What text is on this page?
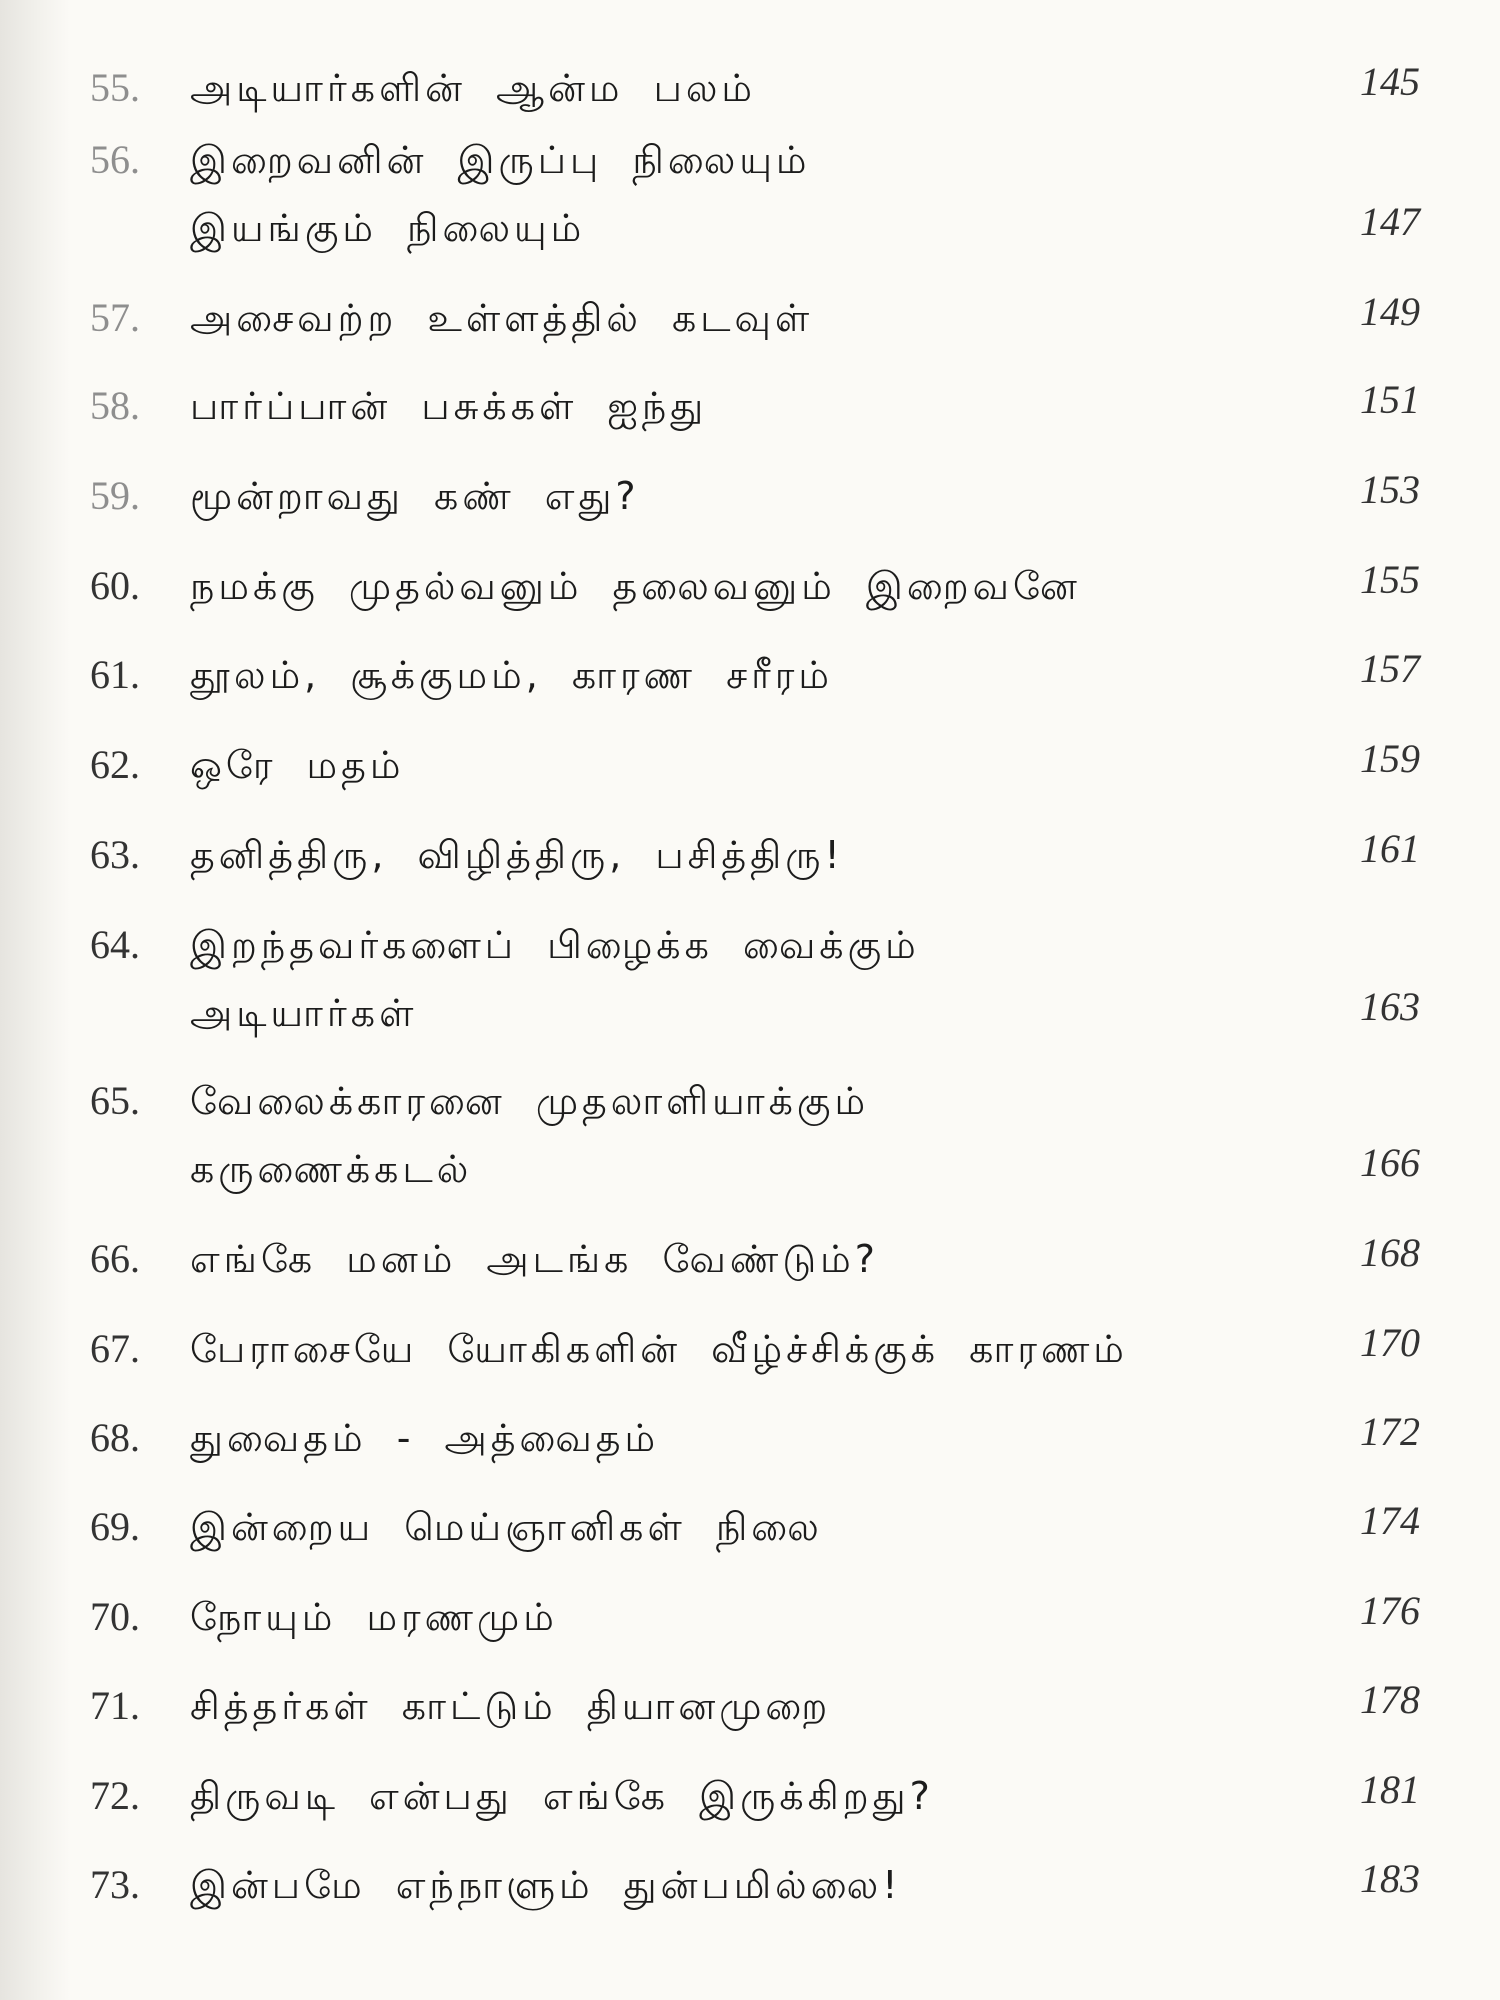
55.	அடியார்களின் ஆன்ம பலம்	145
56.	இறைவனின் இருப்பு நிலையும்
இயங்கும் நிலையும்	147
57.	அசைவற்ற உள்ளத்தில் கடவுள்	149
58.	பார்ப்பான் பசுக்கள் ஐந்து	151
59.	மூன்றாவது கண் எது?	153
60.	நமக்கு முதல்வனும் தலைவனும் இறைவனே	155
61.	தூலம், சூக்குமம், காரண சரீரம்	157
62.	ஒரே மதம்	159
63.	தனித்திரு, விழித்திரு, பசித்திரு!	161
64.	இறந்தவர்களைப் பிழைக்க வைக்கும்
அடியார்கள்	163
65.	வேலைக்காரனை முதலாளியாக்கும்
கருணைக்கடல்	166
66.	எங்கே மனம் அடங்க வேண்டும்?	168
67.	பேராசையே யோகிகளின் வீழ்ச்சிக்குக் காரணம்	170
68.	துவைதம் - அத்வைதம்	172
69.	இன்றைய மெய்ஞானிகள் நிலை	174
70.	நோயும் மரணமும்	176
71.	சித்தர்கள் காட்டும் தியானமுறை	178
72.	திருவடி என்பது எங்கே இருக்கிறது?	181
73.	இன்பமே எந்நாளும் துன்பமில்லை!	183
